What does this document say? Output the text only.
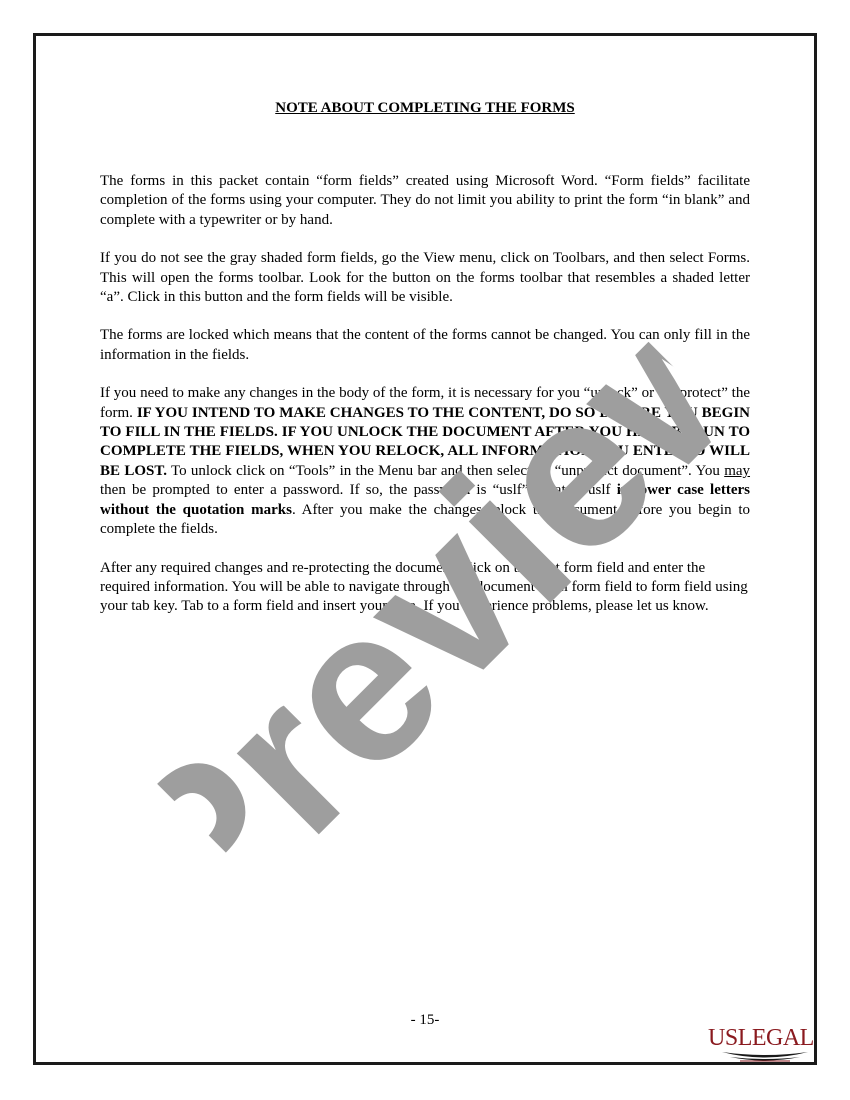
NOTE ABOUT COMPLETING THE FORMS

The forms in this packet contain “form fields” created using Microsoft Word. “Form fields” facilitate completion of the forms using your computer. They do not limit you ability to print the form “in blank” and complete with a typewriter or by hand.

If you do not see the gray shaded form fields, go the View menu, click on Toolbars, and then select Forms. This will open the forms toolbar. Look for the button on the forms toolbar that resembles a shaded letter “a”. Click in this button and the form fields will be visible.

The forms are locked which means that the content of the forms cannot be changed. You can only fill in the information in the fields.

If you need to make any changes in the body of the form, it is necessary for you “unlock” or “unprotect” the form. IF YOU INTEND TO MAKE CHANGES TO THE CONTENT, DO SO BEFORE YOU BEGIN TO FILL IN THE FIELDS. IF YOU UNLOCK THE DOCUMENT AFTER YOU HAVE BEGUN TO COMPLETE THE FIELDS, WHEN YOU RELOCK, ALL INFORMATION YOU ENTERED WILL BE LOST. To unlock click on “Tools” in the Menu bar and then selecting “unprotect document”. You may then be prompted to enter a password. If so, the password is “uslf”. That is uslf in lower case letters without the quotation marks. After you make the changes relock the document before you begin to complete the fields.

After any required changes and re-protecting the document, click on the first form field and enter the required information. You will be able to navigate through the document from form field to form field using your tab key. Tab to a form field and insert your data. If you experience problems, please let us know.

Preview
- 15-
USLEGAL
